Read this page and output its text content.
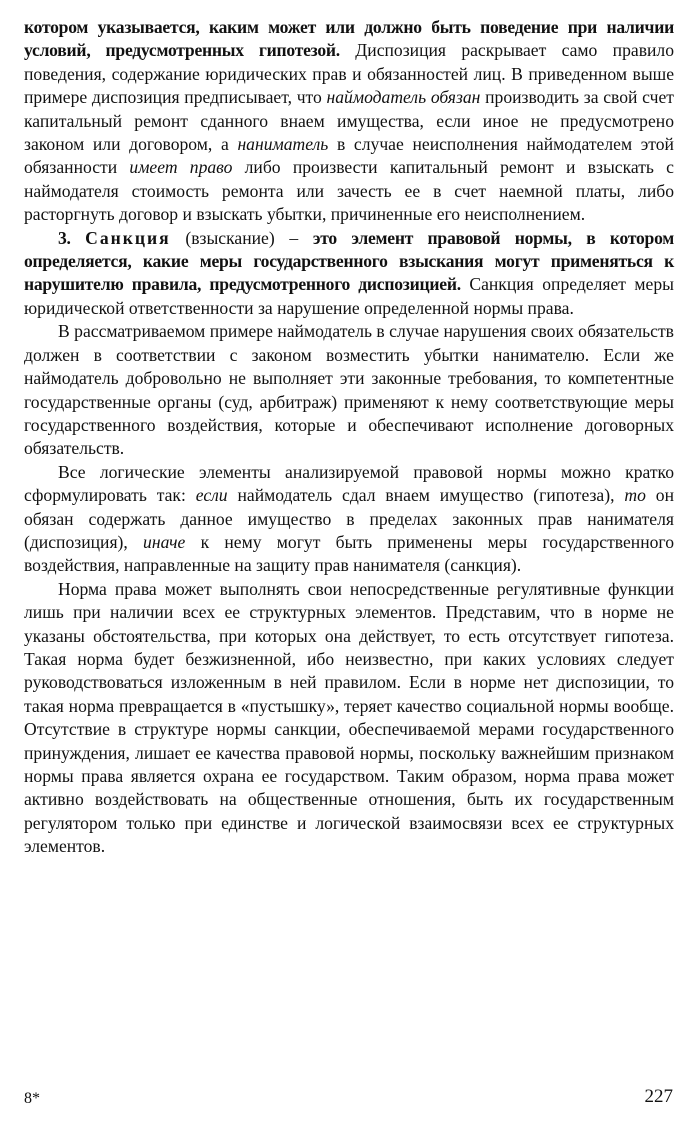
котором указывается, каким может или должно быть поведение при наличии условий, предусмотренных гипотезой. Диспозиция раскрывает само правило поведения, содержание юридических прав и обязанностей лиц. В приведенном выше примере диспозиция предписывает, что наймодатель обязан производить за свой счет капитальный ремонт сданного внаем имущества, если иное не предусмотрено законом или договором, а наниматель в случае неисполнения наймодателем этой обязанности имеет право либо произвести капитальный ремонт и взыскать с наймодателя стоимость ремонта или зачесть ее в счет наемной платы, либо расторгнуть договор и взыскать убытки, причиненные его неисполнением.

3. Санкция (взыскание) – это элемент правовой нормы, в котором определяется, какие меры государственного взыскания могут применяться к нарушителю правила, предусмотренного диспозицией. Санкция определяет меры юридической ответственности за нарушение определенной нормы права.

В рассматриваемом примере наймодатель в случае нарушения своих обязательств должен в соответствии с законом возместить убытки нанимателю. Если же наймодатель добровольно не выполняет эти законные требования, то компетентные государственные органы (суд, арбитраж) применяют к нему соответствующие меры государственного воздействия, которые и обеспечивают исполнение договорных обязательств.

Все логические элементы анализируемой правовой нормы можно кратко сформулировать так: если наймодатель сдал внаем имущество (гипотеза), то он обязан содержать данное имущество в пределах законных прав нанимателя (диспозиция), иначе к нему могут быть применены меры государственного воздействия, направленные на защиту прав нанимателя (санкция).

Норма права может выполнять свои непосредственные регулятивные функции лишь при наличии всех ее структурных элементов. Представим, что в норме не указаны обстоятельства, при которых она действует, то есть отсутствует гипотеза. Такая норма будет безжизненной, ибо неизвестно, при каких условиях следует руководствоваться изложенным в ней правилом. Если в норме нет диспозиции, то такая норма превращается в «пустышку», теряет качество социальной нормы вообще. Отсутствие в структуре нормы санкции, обеспечиваемой мерами государственного принуждения, лишает ее качества правовой нормы, поскольку важнейшим признаком нормы права является охрана ее государством. Таким образом, норма права может активно воздействовать на общественные отношения, быть их государственным регулятором только при единстве и логической взаимосвязи всех ее структурных элементов.

8*	227
